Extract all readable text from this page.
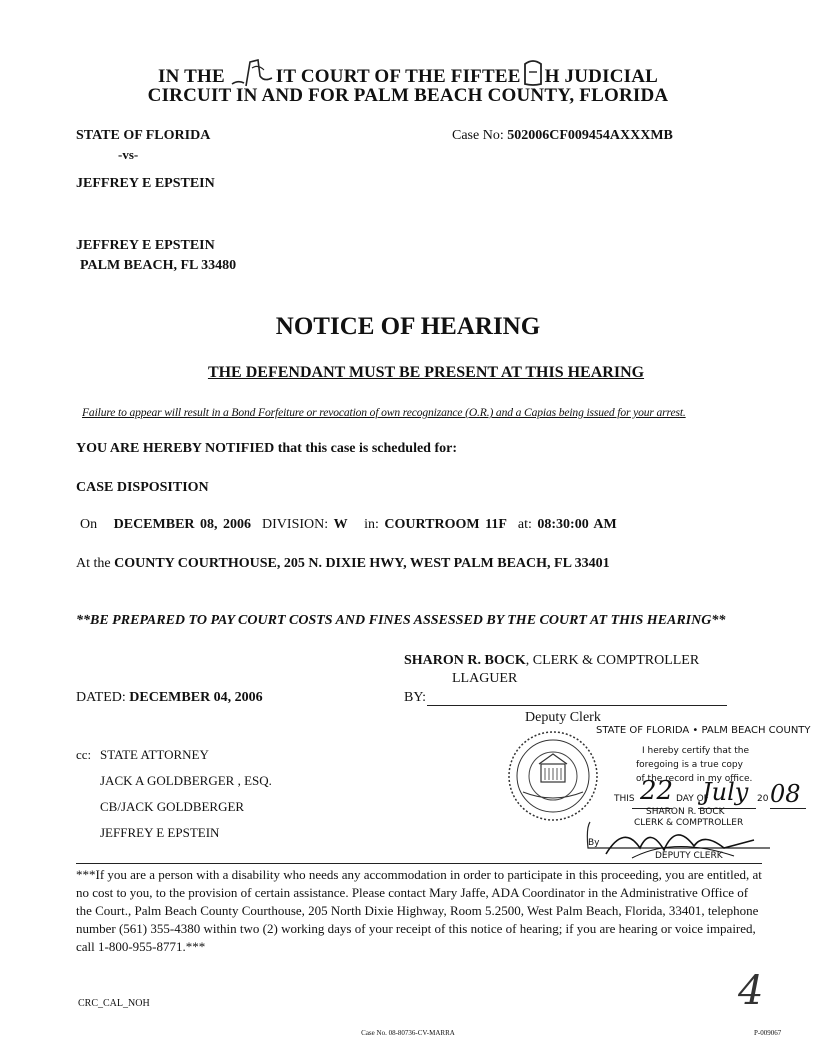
IN THE	IT COURT OF THE FIFTEE H JUDICIAL
CIRCUIT IN AND FOR PALM BEACH COUNTY, FLORIDA
STATE OF FLORIDA
-vs-
JEFFREY E EPSTEIN
Case No: 502006CF009454AXXXMB
JEFFREY E EPSTEIN
PALM BEACH, FL 33480
NOTICE OF HEARING
THE DEFENDANT MUST BE PRESENT AT THIS HEARING
Failure to appear will result in a Bond Forfeiture or revocation of own recognizance (O.R.) and a Capias being issued for your arrest.
YOU ARE HEREBY NOTIFIED that this case is scheduled for:
CASE DISPOSITION
On DECEMBER 08, 2006 DIVISION: W in: COURTROOM 11F at: 08:30:00 AM
At the COUNTY COURTHOUSE, 205 N. DIXIE HWY, WEST PALM BEACH, FL 33401
**BE PREPARED TO PAY COURT COSTS AND FINES ASSESSED BY THE COURT AT THIS HEARING**
SHARON R. BOCK, CLERK & COMPTROLLER
LLAGUER
DATED: DECEMBER 04, 2006	BY:
Deputy Clerk
cc: STATE ATTORNEY
JACK A GOLDBERGER , ESQ.
CB/JACK GOLDBERGER
JEFFREY E EPSTEIN
STATE OF FLORIDA • PALM BEACH COUNTY
I hereby certify that the
foregoing is a true copy
of the record in my office.
THIS	DAY OF	20
22 July 08
SHARON R. BOCK
CLERK & COMPTROLLER
By
DEPUTY CLERK
***If you are a person with a disability who needs any accommodation in order to participate in this proceeding, you are entitled, at no cost to you, to the provision of certain assistance. Please contact Mary Jaffe, ADA Coordinator in the Administrative Office of the Court., Palm Beach County Courthouse, 205 North Dixie Highway, Room 5.2500, West Palm Beach, Florida, 33401, telephone number (561) 355-4380 within two (2) working days of your receipt of this notice of hearing; if you are hearing or voice impaired, call 1-800-955-8771.***
CRC_CAL_NOH	4
Case No. 08-80736-CV-MARRA	P-009067
